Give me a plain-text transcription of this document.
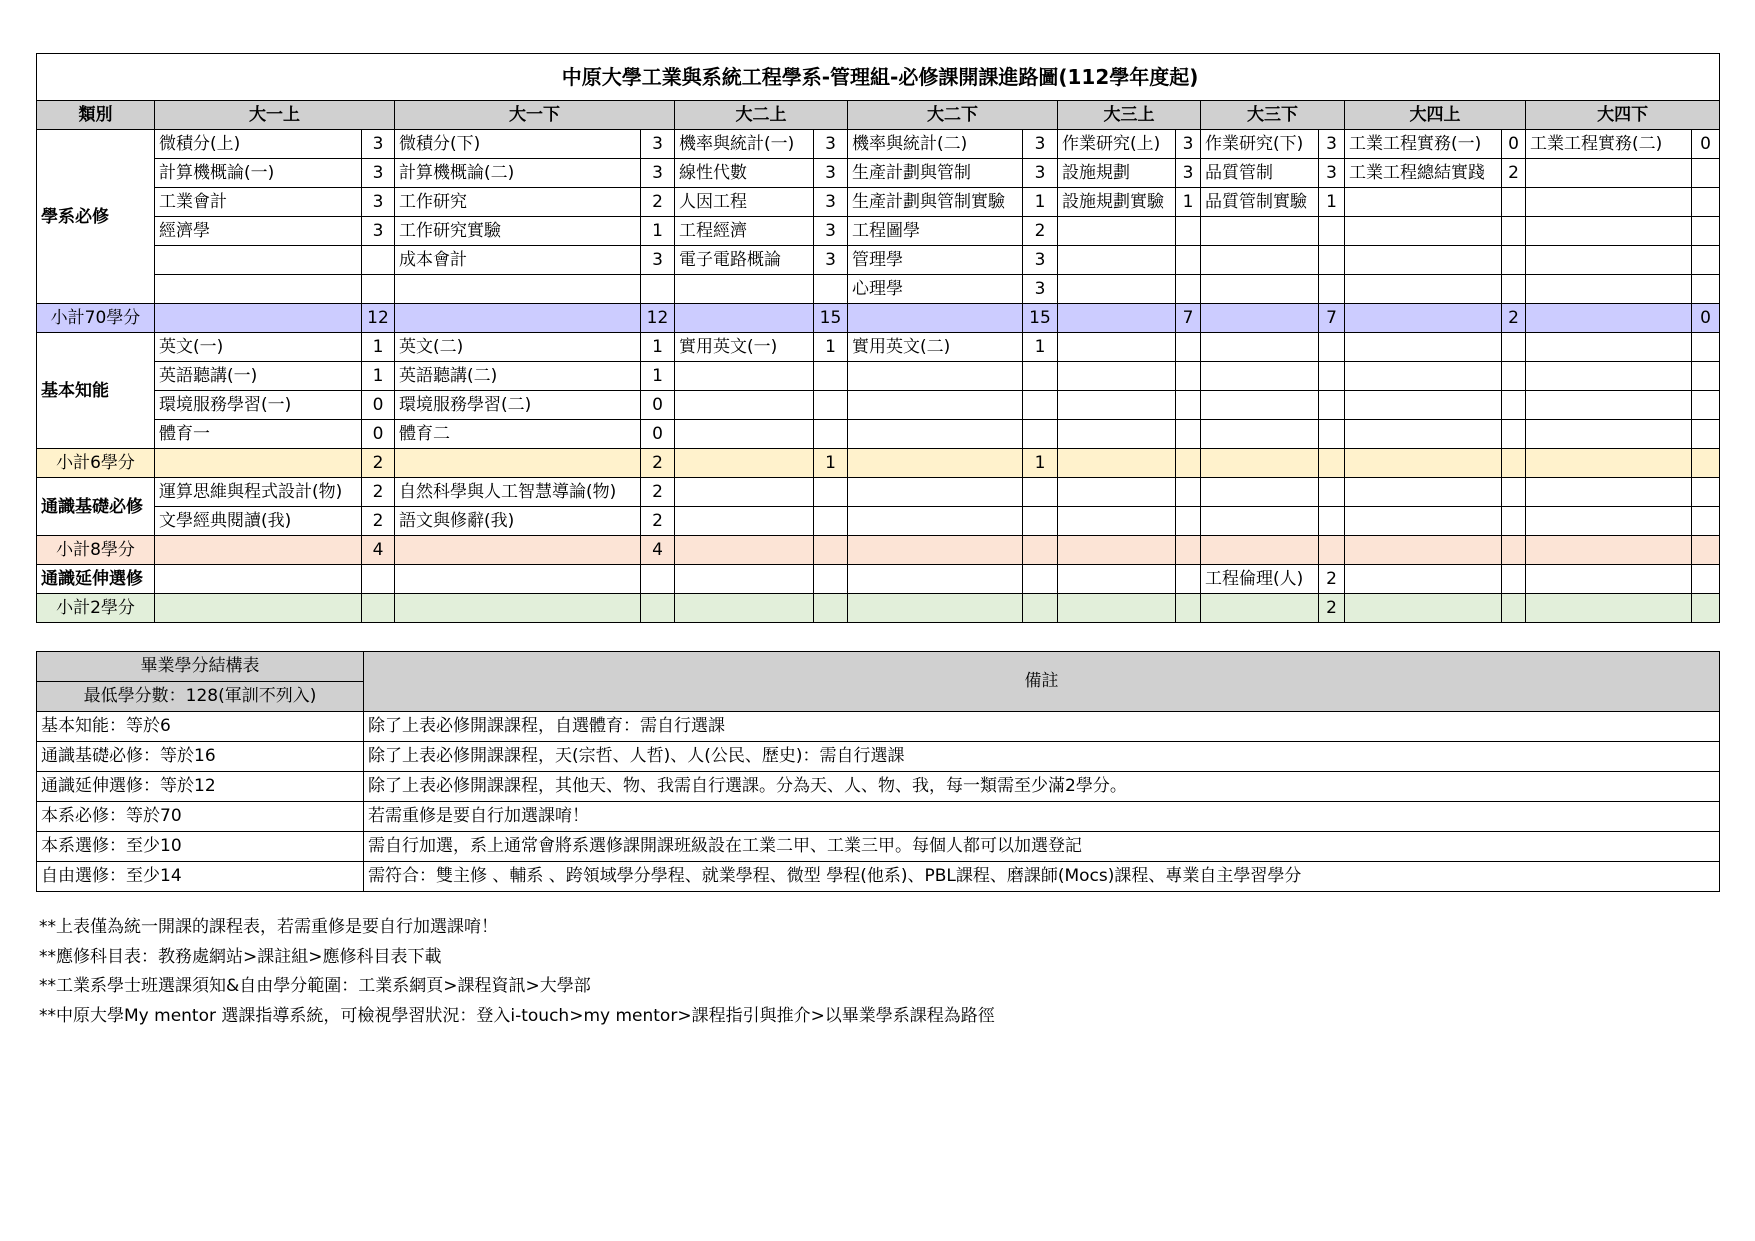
中原大學工業與系統工程學系-管理組-必修課開課進路圖(112學年度起)																
類別	大一上		大一下		大二上		大二下		大三上		大三下		大四上		大四下	
學系必修	微積分(上)	3	微積分(下)	3	機率與統計(一)	3	機率與統計(二)	3	作業研究(上)	3	作業研究(下)	3	工業工程實務(一)	0	工業工程實務(二)	0
	計算機概論(一)	3	計算機概論(二)	3	線性代數	3	生產計劃與管制	3	設施規劃	3	品質管制	3	工業工程總結實踐	2		
	工業會計	3	工作研究	2	人因工程	3	生產計劃與管制實驗	1	設施規劃實驗	1	品質管制實驗	1				
	經濟學	3	工作研究實驗	1	工程經濟	3	工程圖學	2								
			成本會計	3	電子電路概論	3	管理學	3								
							心理學	3								
小計70學分		12		12		15		15		7		7		2		0
基本知能	英文(一)	1	英文(二)	1	實用英文(一)	1	實用英文(二)	1								
	英語聽講(一)	1	英語聽講(二)	1												
	環境服務學習(一)	0	環境服務學習(二)	0												
	體育一	0	體育二	0												
小計6學分		2		2		1		1								
通識基礎必修	運算思維與程式設計(物)	2	自然科學與人工智慧導論(物)	2												
	文學經典閱讀(我)	2	語文與修辭(我)	2												
小計8學分		4		4												
通識延伸選修											工程倫理(人)	2				
小計2學分												2				
畢業學分結構表	備註
最低學分數：128(軍訓不列入)	
基本知能：等於6	除了上表必修開課課程，自選體育：需自行選課
通識基礎必修：等於16	除了上表必修開課課程，天(宗哲、人哲)、人(公民、歷史)：需自行選課
通識延伸選修：等於12	除了上表必修開課課程，其他天、物、我需自行選課。分為天、人、物、我，每一類需至少滿2學分。
本系必修：等於70	若需重修是要自行加選課唷！
本系選修：至少10	需自行加選，系上通常會將系選修課開課班級設在工業二甲、工業三甲。每個人都可以加選登記
自由選修：至少14	需符合：雙主修 、輔系 、跨領域學分學程、就業學程、微型 學程(他系)、PBL課程、磨課師(Mocs)課程、專業自主學習學分
**上表僅為統一開課的課程表，若需重修是要自行加選課唷！
**應修科目表：教務處網站>課註組>應修科目表下載
**工業系學士班選課須知&自由學分範圍：工業系網頁>課程資訊>大學部
**中原大學My mentor 選課指導系統，可檢視學習狀況：登入i-touch>my mentor>課程指引與推介>以畢業學系課程為路徑
